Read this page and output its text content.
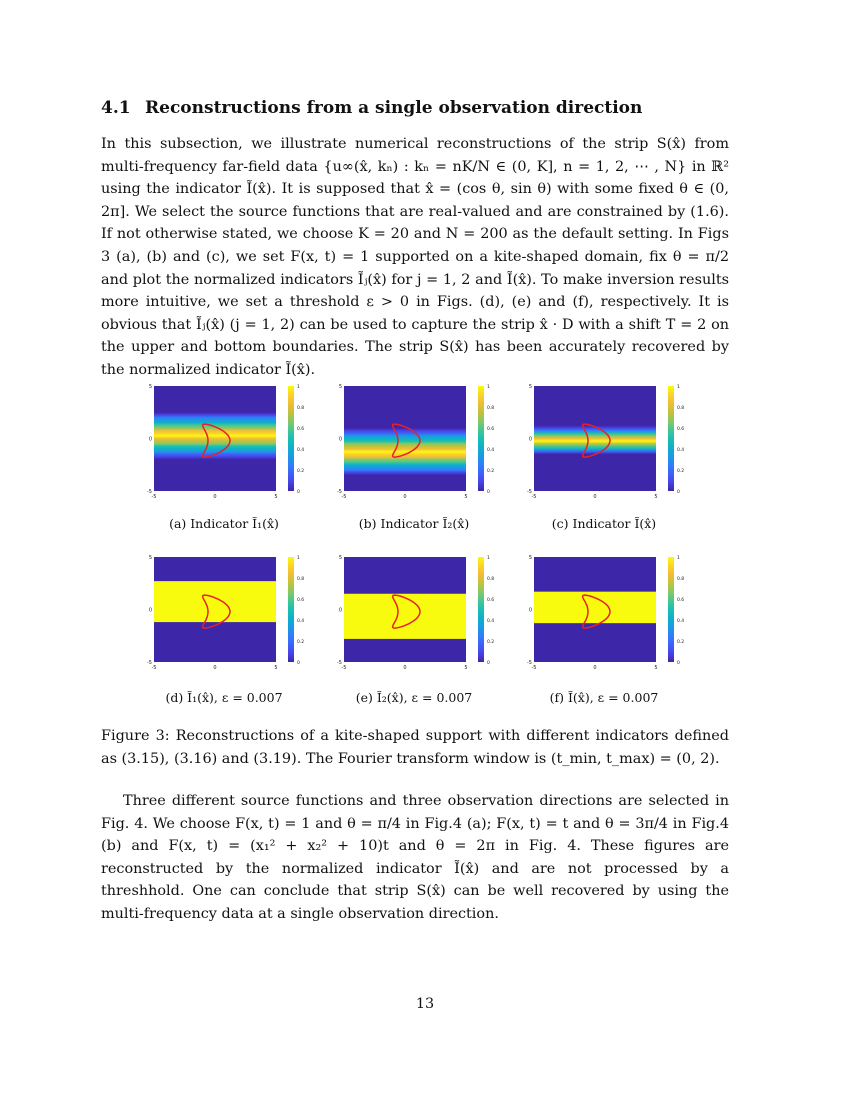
4.1 Reconstructions from a single observation direction
In this subsection, we illustrate numerical reconstructions of the strip S(x̂) from multi-frequency far-field data {u∞(x̂, kₙ) : kₙ = nK/N ∈ (0, K], n = 1, 2, ⋯ , N} in ℝ² using the indicator Ĩ(x̂). It is supposed that x̂ = (cos θ, sin θ) with some fixed θ ∈ (0, 2π]. We select the source functions that are real-valued and are constrained by (1.6). If not otherwise stated, we choose K = 20 and N = 200 as the default setting. In Figs 3 (a), (b) and (c), we set F(x, t) = 1 supported on a kite-shaped domain, fix θ = π/2 and plot the normalized indicators Ĩⱼ(x̂) for j = 1, 2 and Ĩ(x̂). To make inversion results more intuitive, we set a threshold ε > 0 in Figs. (d), (e) and (f), respectively. It is obvious that Ĩⱼ(x̂) (j = 1, 2) can be used to capture the strip x̂ · D with a shift T = 2 on the upper and bottom boundaries. The strip S(x̂) has been accurately recovered by the normalized indicator Ĩ(x̂).
-5	0	5
5
0
-5
1
0.8
0.6
0.4
0.2
0
-5	0	5
5
0
-5
1
0.8
0.6
0.4
0.2
0
-5	0	5
5
0
-5
1
0.8
0.6
0.4
0.2
0
-5	0	5
5
0
-5
1
0.8
0.6
0.4
0.2
0
-5	0	5
5
0
-5
1
0.8
0.6
0.4
0.2
0
-5	0	5
5
0
-5
1
0.8
0.6
0.4
0.2
0
(a) Indicator Ĩ₁(x̂)	(b) Indicator Ĩ₂(x̂)	(c) Indicator Ĩ(x̂)
(d) Ĩ₁(x̂), ε = 0.007	(e) Ĩ₂(x̂), ε = 0.007	(f) Ĩ(x̂), ε = 0.007
Figure 3: Reconstructions of a kite-shaped support with different indicators defined as (3.15), (3.16) and (3.19). The Fourier transform window is (t_min, t_max) = (0, 2).
Three different source functions and three observation directions are selected in Fig. 4. We choose F(x, t) = 1 and θ = π/4 in Fig.4 (a); F(x, t) = t and θ = 3π/4 in Fig.4 (b) and F(x, t) = (x₁² + x₂² + 10)t and θ = 2π in Fig. 4. These figures are reconstructed by the normalized indicator Ĩ(x̂) and are not processed by a threshhold. One can conclude that strip S(x̂) can be well recovered by using the multi-frequency data at a single observation direction.
13
